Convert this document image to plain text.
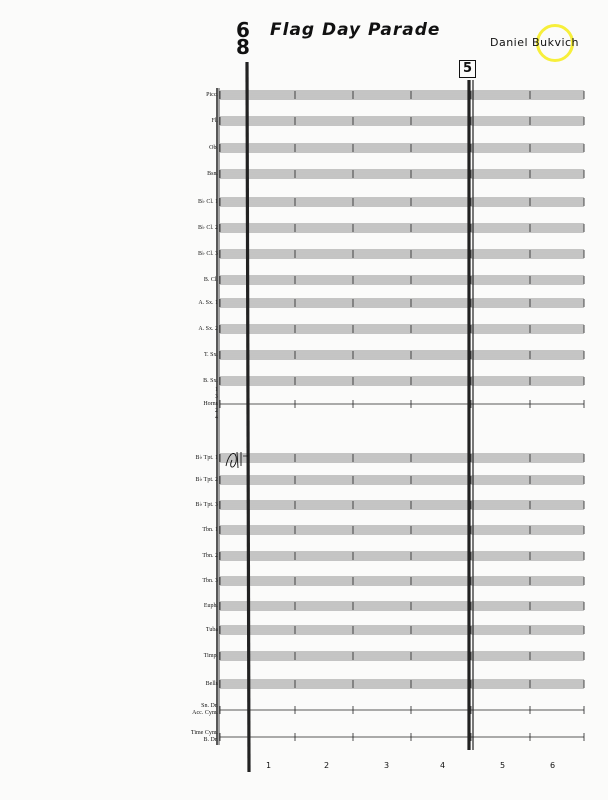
Flag Day Parade
Daniel Bukvich
6
8
5
Picc.
Fl.
Ob.
Bsn.
B♭ Cl. 1
B♭ Cl. 2
B♭ Cl. 3
B. Cl.
A. Sx. 1
A. Sx. 2
T. Sx.
B. Sx.
1
3
Horns
2
4
B♭ Tpt. 1
B♭ Tpt. 2
B♭ Tpt. 3
Tbn. 1
Tbn. 2
Tbn. 3
Euph.
Tuba
Timp.
Bells
Sn. Dr.
Acc. Cym.
Time Cym.
B. Dr.
1	2	3	4	5	6
